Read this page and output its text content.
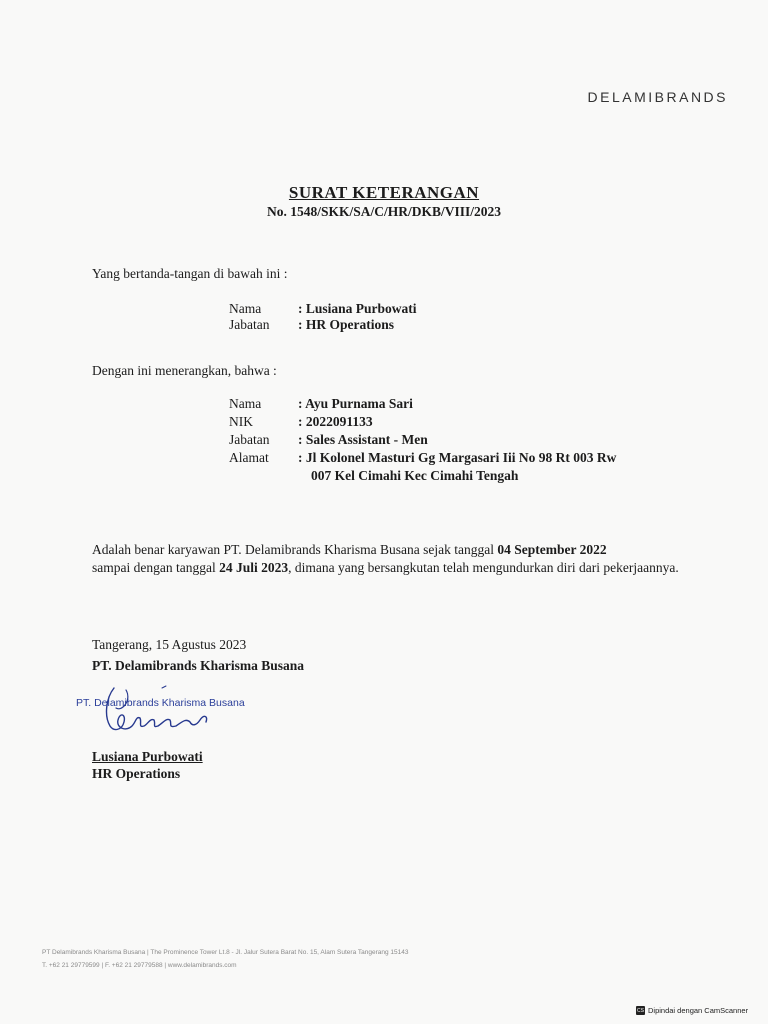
DELAMIBRANDS
SURAT KETERANGAN
No. 1548/SKK/SA/C/HR/DKB/VIII/2023
Yang bertanda-tangan di bawah ini :
Nama	: Lusiana Purbowati
Jabatan : HR Operations
Dengan ini menerangkan, bahwa :
Nama	: Ayu Purnama Sari
NIK	: 2022091133
Jabatan : Sales Assistant - Men
Alamat : Jl Kolonel Masturi Gg Margasari Iii No 98 Rt 003 Rw
007 Kel Cimahi Kec Cimahi Tengah
Adalah benar karyawan PT. Delamibrands Kharisma Busana sejak tanggal 04 September 2022
sampai dengan tanggal 24 Juli 2023, dimana yang bersangkutan telah mengundurkan diri dari pekerjaannya.
Tangerang, 15 Agustus 2023
PT. Delamibrands Kharisma Busana
PT. Delamibrands Kharisma Busana
Lusiana Purbowati
HR Operations
PT Delamibrands Kharisma Busana | The Prominence Tower Lt.8 - Jl. Jalur Sutera Barat No. 15, Alam Sutera Tangerang 15143
T. +62 21 29779599 | F. +62 21 29779588 | www.delamibrands.com
CS Dipindai dengan CamScanner
